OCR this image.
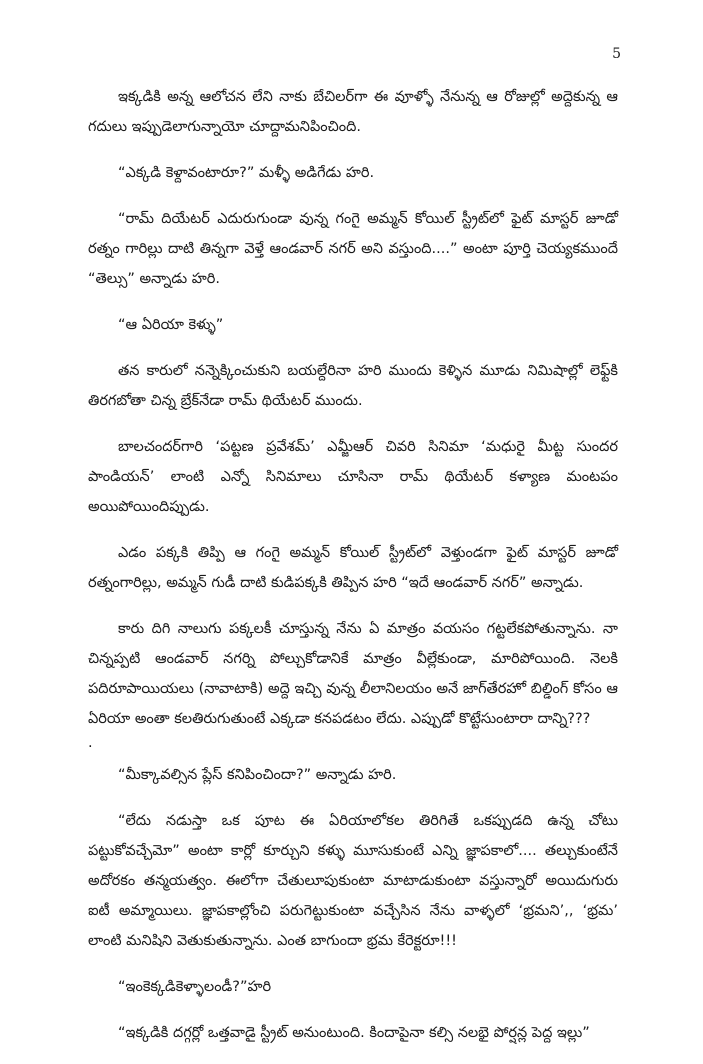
5

ఇక్కడికి అన్న ఆలోచన లేని నాకు బేచిలర్‌గా ఈ వూళ్ళో నేనున్న ఆ రోజుల్లో అద్దెకున్న ఆ గదులు ఇప్పుడెలాగున్నాయో చూద్దామనిపించింది.

“ఎక్కడి కెళ్దావంటారూ?” మళ్ళీ అడిగేడు హరి.

“రామ్ దియేటర్ ఎదురుగుండా వున్న గంగై అమ్మన్ కోయిల్ స్ట్రీట్‌లో ఫైట్ మాస్టర్ జూడో రత్నం గారిల్లు దాటి తిన్నగా వెళ్తే ఆండవార్ నగర్ అని వస్తుంది....” అంటా పూర్తి చెయ్యకముందే “తెల్సు” అన్నాడు హరి.

“ఆ ఏరియా కెళ్ళు”

తన కారులో నన్నెక్కించుకుని బయల్దేరినా హరి ముందు కెళ్ళిన మూడు నిమిషాల్లో లెఫ్ట్‌కి తిరగబోతా చిన్న బ్రేక్‌నేడా రామ్ థియేటర్ ముందు.

బాలచందర్‌గారి ‘పట్టణ ప్రవేశమ్’ ఎమ్జీఆర్ చివరి సినిమా ‘మధురై మీట్ట సుందర పాండియన్’ లాంటి ఎన్నో సినిమాలు చూసినా రామ్ థియేటర్ కళ్యాణ మంటపం అయిపోయిందిప్పుడు.

ఎడం పక్కకి తిప్పి ఆ గంగై అమ్మన్ కోయిల్ స్ట్రీట్‌లో వెళ్తుండగా ఫైట్ మాస్టర్ జూడో రత్నంగారిల్లు, అమ్మన్ గుడీ దాటి కుడిపక్కకి తిప్పిన హరి “ఇదే ఆండవార్ నగర్” అన్నాడు.

కారు దిగి నాలుగు పక్కలకీ చూస్తున్న నేను ఏ మాత్రం వయసం గట్టలేకపోతున్నాను. నా చిన్నప్పటి ఆండవార్ నగర్ని పోల్చుకోడానికే మాత్రం వీల్లేకుండా, మారిపోయింది. నెలకి పదిరూపాయియలు (నావాటాకి) అద్దె ఇచ్చి వున్న లీలానిలయం అనే జాగ్‌తేరహో బిల్డింగ్ కోసం ఆ ఏరియా అంతా కలతిరుగుతుంటే ఎక్కడా కనపడటం లేదు. ఎప్పుడో కొట్టేసుంటారా దాన్ని???

.

“మీక్కావల్సిన ప్లేస్ కనిపించిందా?” అన్నాడు హరి.

“లేదు నడుస్తా ఒక పూట ఈ ఏరియాలోకల తిరిగితే ఒకప్పుడది ఉన్న చోటు పట్టుకోవచ్చేమో” అంటా కార్లో కూర్చుని కళ్ళు మూసుకుంటే ఎన్ని జ్ఞాపకాలో.... తల్చుకుంటేనే అదోరకం తన్మయత్వం. ఈలోగా చేతులూపుకుంటా మాటాడుకుంటా వస్తున్నారో అయిదుగురు ఐటీ అమ్మాయిలు. జ్ఞాపకాల్లోంచి పరుగెట్టుకుంటా వచ్చేసిన నేను వాళ్ళలో ‘భ్రమని’,, ‘భ్రమ’ లాంటి మనిషిని వెతుకుతున్నాను. ఎంత బాగుందా భ్రమ కేరెక్టరూ!!!

“ఇంకెక్కడికెళ్ళాలండీ?”హరి

“ఇక్కడికి దగ్గర్లో ఒత్తవాడై స్ట్రీట్ అనుంటుంది. కిందాపైనా కల్సి నలభై పోర్షన్ల పెద్ద ఇల్లు”
